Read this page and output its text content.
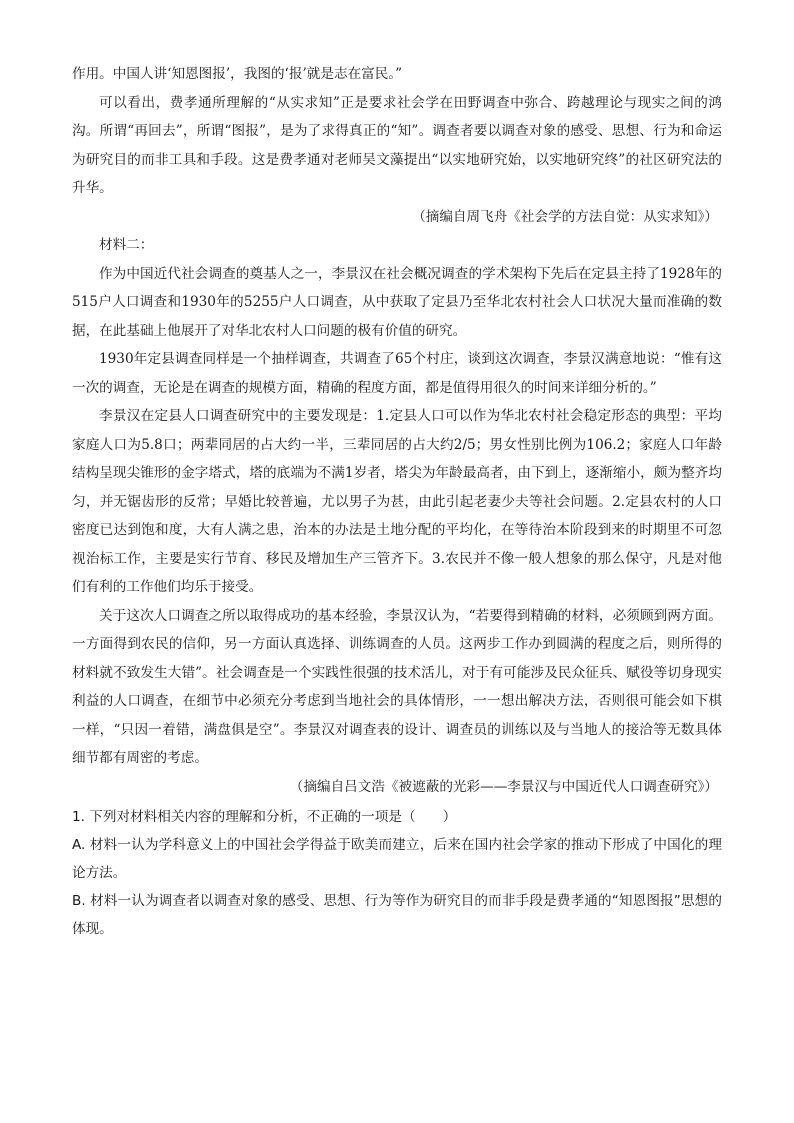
作用。中国人讲‘知恩图报’，我图的‘报’就是志在富民。”

可以看出，费孝通所理解的“从实求知”正是要求社会学在田野调查中弥合、跨越理论与现实之间的鸿沟。所谓“再回去”，所谓“图报”，是为了求得真正的“知”。调查者要以调查对象的感受、思想、行为和命运为研究目的而非工具和手段。这是费孝通对老师吴文藻提出“以实地研究始，以实地研究终”的社区研究法的升华。

（摘编自周飞舟《社会学的方法自觉：从实求知》）

材料二：

作为中国近代社会调查的奠基人之一，李景汉在社会概况调查的学术架构下先后在定县主持了1928年的515户人口调查和1930年的5255户人口调查，从中获取了定县乃至华北农村社会人口状况大量而准确的数据，在此基础上他展开了对华北农村人口问题的极有价值的研究。

1930年定县调查同样是一个抽样调查，共调查了65个村庄，谈到这次调查，李景汉满意地说：“惟有这一次的调查，无论是在调查的规模方面，精确的程度方面，都是值得用很久的时间来详细分析的。”

李景汉在定县人口调查研究中的主要发现是：1.定县人口可以作为华北农村社会稳定形态的典型：平均家庭人口为5.8口；两辈同居的占大约一半，三辈同居的占大约2/5；男女性别比例为106.2；家庭人口年龄结构呈现尖锥形的金字塔式，塔的底端为不满1岁者，塔尖为年龄最高者，由下到上，逐渐缩小，颇为整齐均匀，并无锯齿形的反常；早婚比较普遍，尤以男子为甚，由此引起老妻少夫等社会问题。2.定县农村的人口密度已达到饱和度，大有人满之患，治本的办法是土地分配的平均化，在等待治本阶段到来的时期里不可忽视治标工作，主要是实行节育、移民及增加生产三管齐下。3.农民并不像一般人想象的那么保守，凡是对他们有利的工作他们均乐于接受。

关于这次人口调查之所以取得成功的基本经验，李景汉认为，“若要得到精确的材料，必须顾到两方面。一方面得到农民的信仰，另一方面认真选择、训练调查的人员。这两步工作办到圆满的程度之后，则所得的材料就不致发生大错”。社会调查是一个实践性很强的技术活儿，对于有可能涉及民众征兵、赋役等切身现实利益的人口调查，在细节中必须充分考虑到当地社会的具体情形，一一想出解决方法，否则很可能会如下棋一样，“只因一着错，满盘俱是空”。李景汉对调查表的设计、调查员的训练以及与当地人的接洽等无数具体细节都有周密的考虑。

（摘编自吕文浩《被遮蔽的光彩——李景汉与中国近代人口调查研究》）

1. 下列对材料相关内容的理解和分析，不正确的一项是（　　）

A. 材料一认为学科意义上的中国社会学得益于欧美而建立，后来在国内社会学家的推动下形成了中国化的理论方法。

B. 材料一认为调查者以调查对象的感受、思想、行为等作为研究目的而非手段是费孝通的“知恩图报”思想的体现。
